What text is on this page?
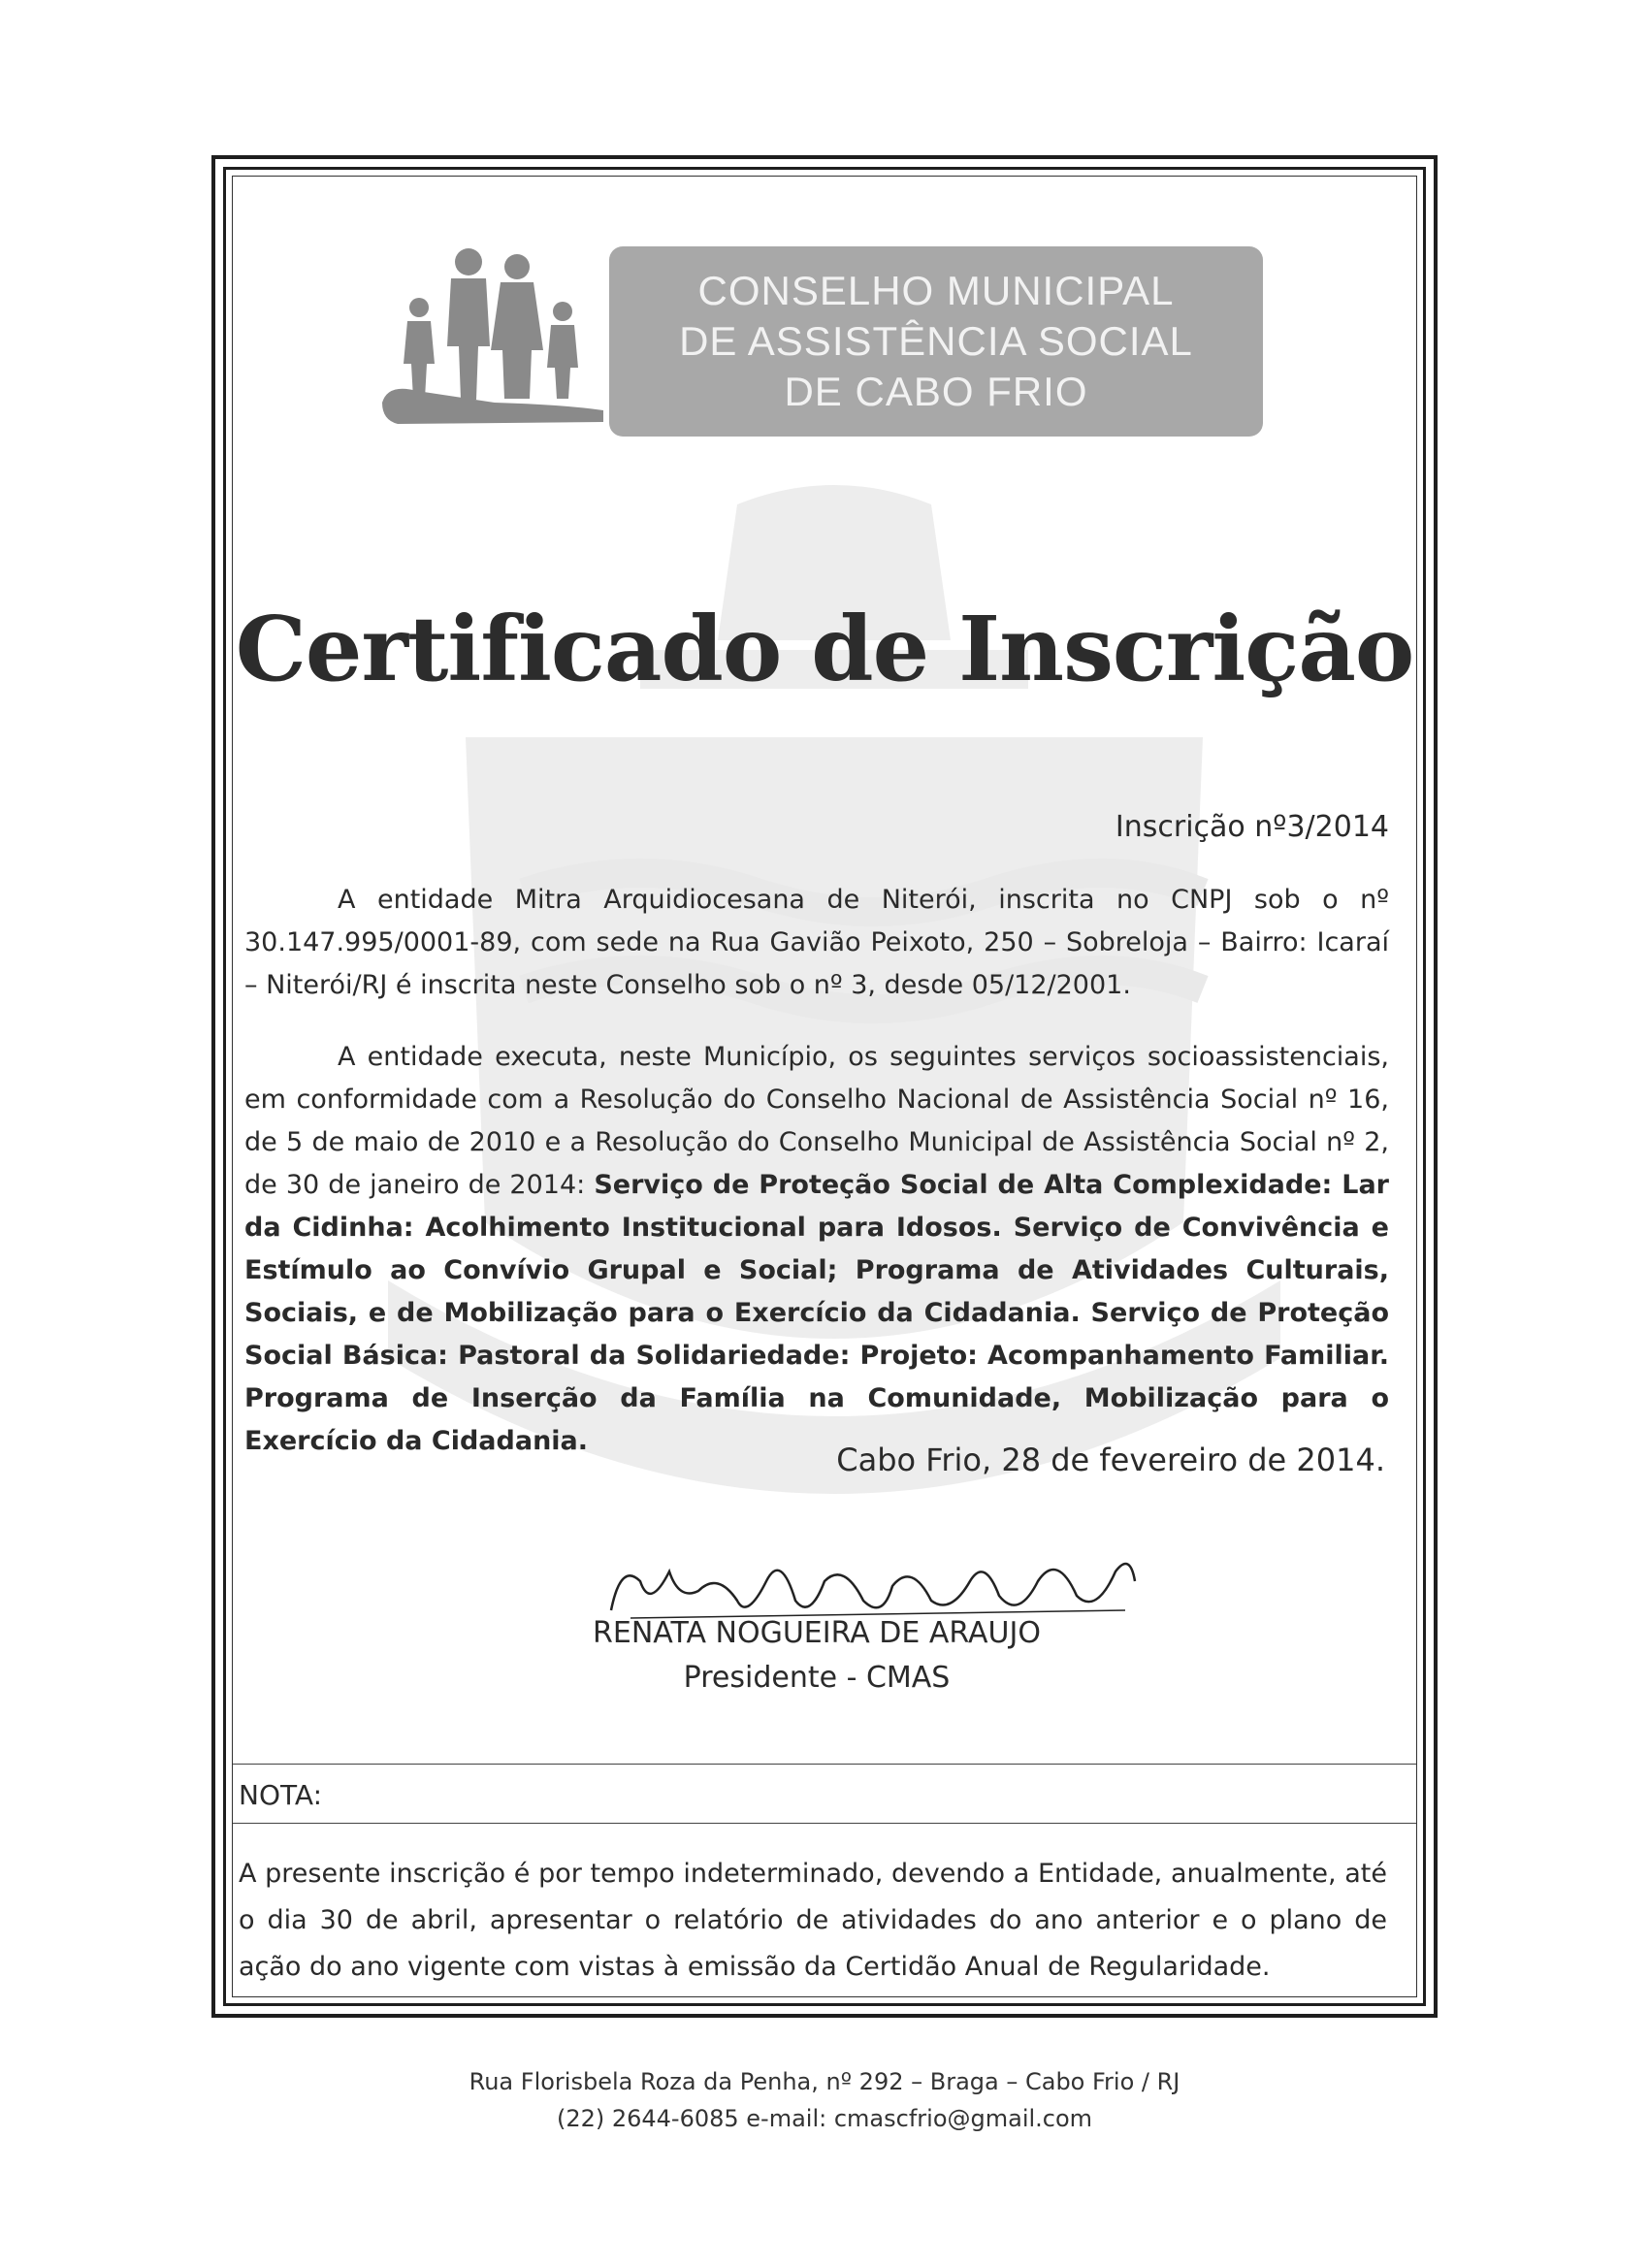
CONSELHO MUNICIPAL
DE ASSISTÊNCIA SOCIAL
DE CABO FRIO
Certificado de Inscrição
Inscrição nº3/2014
A entidade Mitra Arquidiocesana de Niterói, inscrita no CNPJ sob o nº 30.147.995/0001-89, com sede na Rua Gavião Peixoto, 250 – Sobreloja – Bairro: Icaraí – Niterói/RJ é inscrita neste Conselho sob o nº 3, desde 05/12/2001.
A entidade executa, neste Município, os seguintes serviços socioassistenciais, em conformidade com a Resolução do Conselho Nacional de Assistência Social nº 16, de 5 de maio de 2010 e a Resolução do Conselho Municipal de Assistência Social nº 2, de 30 de janeiro de 2014: Serviço de Proteção Social de Alta Complexidade: Lar da Cidinha: Acolhimento Institucional para Idosos. Serviço de Convivência e Estímulo ao Convívio Grupal e Social; Programa de Atividades Culturais, Sociais, e de Mobilização para o Exercício da Cidadania. Serviço de Proteção Social Básica: Pastoral da Solidariedade: Projeto: Acompanhamento Familiar. Programa de Inserção da Família na Comunidade, Mobilização para o Exercício da Cidadania.
Cabo Frio, 28 de fevereiro de 2014.
RENATA NOGUEIRA DE ARAUJO
Presidente - CMAS
NOTA:
A presente inscrição é por tempo indeterminado, devendo a Entidade, anualmente, até o dia 30 de abril, apresentar o relatório de atividades do ano anterior e o plano de ação do ano vigente com vistas à emissão da Certidão Anual de Regularidade.
Rua Florisbela Roza da Penha, nº 292 – Braga – Cabo Frio / RJ
(22) 2644-6085 e-mail: cmascfrio@gmail.com
